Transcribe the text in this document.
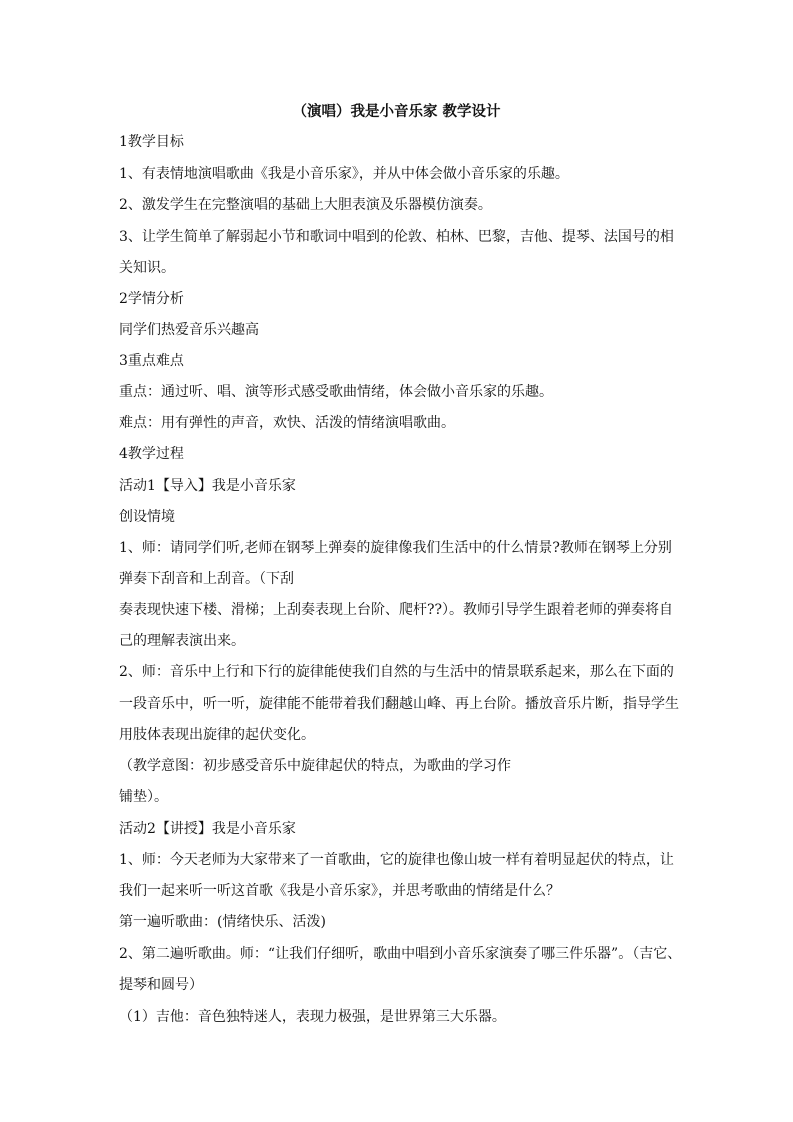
（演唱）我是小音乐家 教学设计
1教学目标
1、有表情地演唱歌曲《我是小音乐家》，并从中体会做小音乐家的乐趣。
2、激发学生在完整演唱的基础上大胆表演及乐器模仿演奏。
3、让学生简单了解弱起小节和歌词中唱到的伦敦、柏林、巴黎，吉他、提琴、法国号的相
关知识。
2学情分析
同学们热爱音乐兴趣高
3重点难点
重点：通过听、唱、演等形式感受歌曲情绪，体会做小音乐家的乐趣。
难点：用有弹性的声音，欢快、活泼的情绪演唱歌曲。
4教学过程
活动1【导入】我是小音乐家
创设情境
1、师：请同学们听,老师在钢琴上弹奏的旋律像我们生活中的什么情景?教师在钢琴上分别
弹奏下刮音和上刮音。（下刮
奏表现快速下楼、滑梯；上刮奏表现上台阶、爬杆??）。教师引导学生跟着老师的弹奏将自
己的理解表演出来。
2、师：音乐中上行和下行的旋律能使我们自然的与生活中的情景联系起来，那么在下面的
一段音乐中，听一听，旋律能不能带着我们翻越山峰、再上台阶。播放音乐片断，指导学生
用肢体表现出旋律的起伏变化。
（教学意图：初步感受音乐中旋律起伏的特点，为歌曲的学习作
铺垫）。
活动2【讲授】我是小音乐家
1、师：今天老师为大家带来了一首歌曲，它的旋律也像山坡一样有着明显起伏的特点，让
我们一起来听一听这首歌《我是小音乐家》，并思考歌曲的情绪是什么？
第一遍听歌曲：(情绪快乐、活泼)
2、第二遍听歌曲。师：“让我们仔细听，歌曲中唱到小音乐家演奏了哪三件乐器”。（吉它、
提琴和圆号）
（1）吉他：音色独特迷人，表现力极强，是世界第三大乐器。
